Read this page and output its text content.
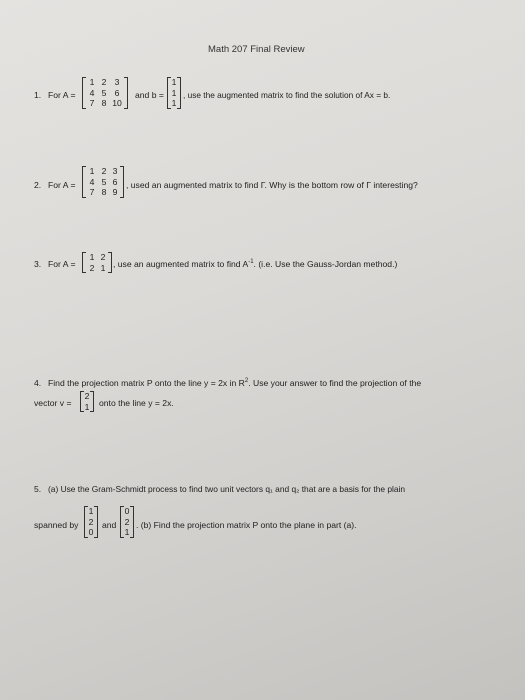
Math 207 Final Review
1. For A =
1 2 3
4 5 6
7 8 10
and b =
1
1
1
, use the augmented matrix to find the solution of Ax = b.
2. For A =
1 2 3
4 5 6
7 8 9
, used an augmented matrix to find Γ. Why is the bottom row of Γ interesting?
3. For A =
1 2
2 1 , use an augmented matrix to find $A^{-1}$. (i.e. Use the Gauss-Jordan method.)
4. Find the projection matrix P onto the line y = 2x in $R^2$. Use your answer to find the projection of the
vector v =
2
1 onto the line y = 2x.
5. (a) Use the Gram-Schmidt process to find two unit vectors q₁ and q₂ that are a basis for the plain
spanned by
1
2
0
and
0
2
1
. (b) Find the projection matrix P onto the plane in part (a).
